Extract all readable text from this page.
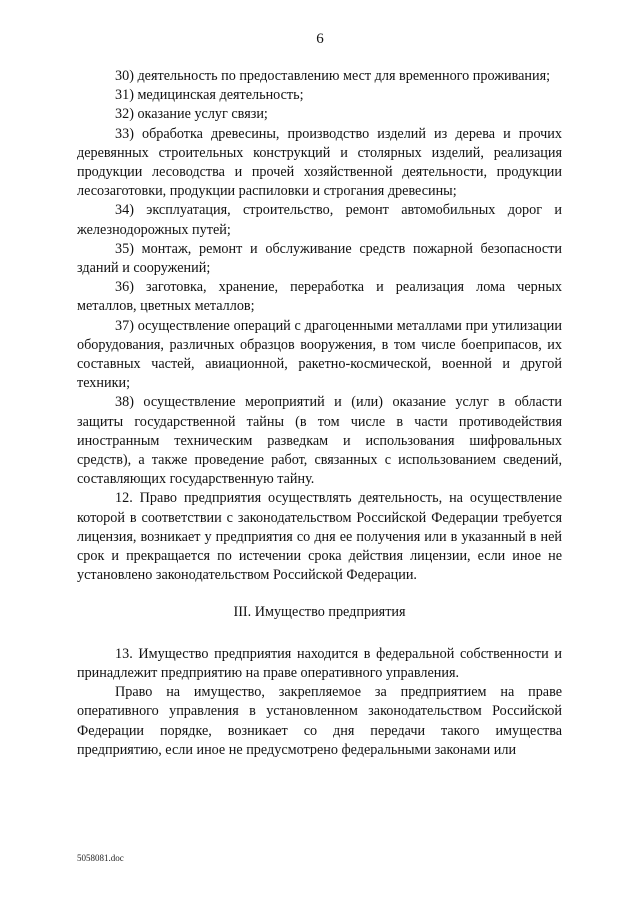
6

30) деятельность по предоставлению мест для временного проживания;

31) медицинская деятельность;

32) оказание услуг связи;

33) обработка древесины, производство изделий из дерева и прочих деревянных строительных конструкций и столярных изделий, реализация продукции лесоводства и прочей хозяйственной деятельности, продукции лесозаготовки, продукции распиловки и строгания древесины;

34) эксплуатация, строительство, ремонт автомобильных дорог и железнодорожных путей;

35) монтаж, ремонт и обслуживание средств пожарной безопасности зданий и сооружений;

36) заготовка, хранение, переработка и реализация лома черных металлов, цветных металлов;

37) осуществление операций с драгоценными металлами при утилизации оборудования, различных образцов вооружения, в том числе боеприпасов, их составных частей, авиационной, ракетно-космической, военной и другой техники;

38) осуществление мероприятий и (или) оказание услуг в области защиты государственной тайны (в том числе в части противодействия иностранным техническим разведкам и использования шифровальных средств), а также проведение работ, связанных с использованием сведений, составляющих государственную тайну.

12. Право предприятия осуществлять деятельность, на осуществление которой в соответствии с законодательством Российской Федерации требуется лицензия, возникает у предприятия со дня ее получения или в указанный в ней срок и прекращается по истечении срока действия лицензии, если иное не установлено законодательством Российской Федерации.

III. Имущество предприятия

13. Имущество предприятия находится в федеральной собственности и принадлежит предприятию на праве оперативного управления.

Право на имущество, закрепляемое за предприятием на праве оперативного управления в установленном законодательством Российской Федерации порядке, возникает со дня передачи такого имущества предприятию, если иное не предусмотрено федеральными законами или

5058081.doc
